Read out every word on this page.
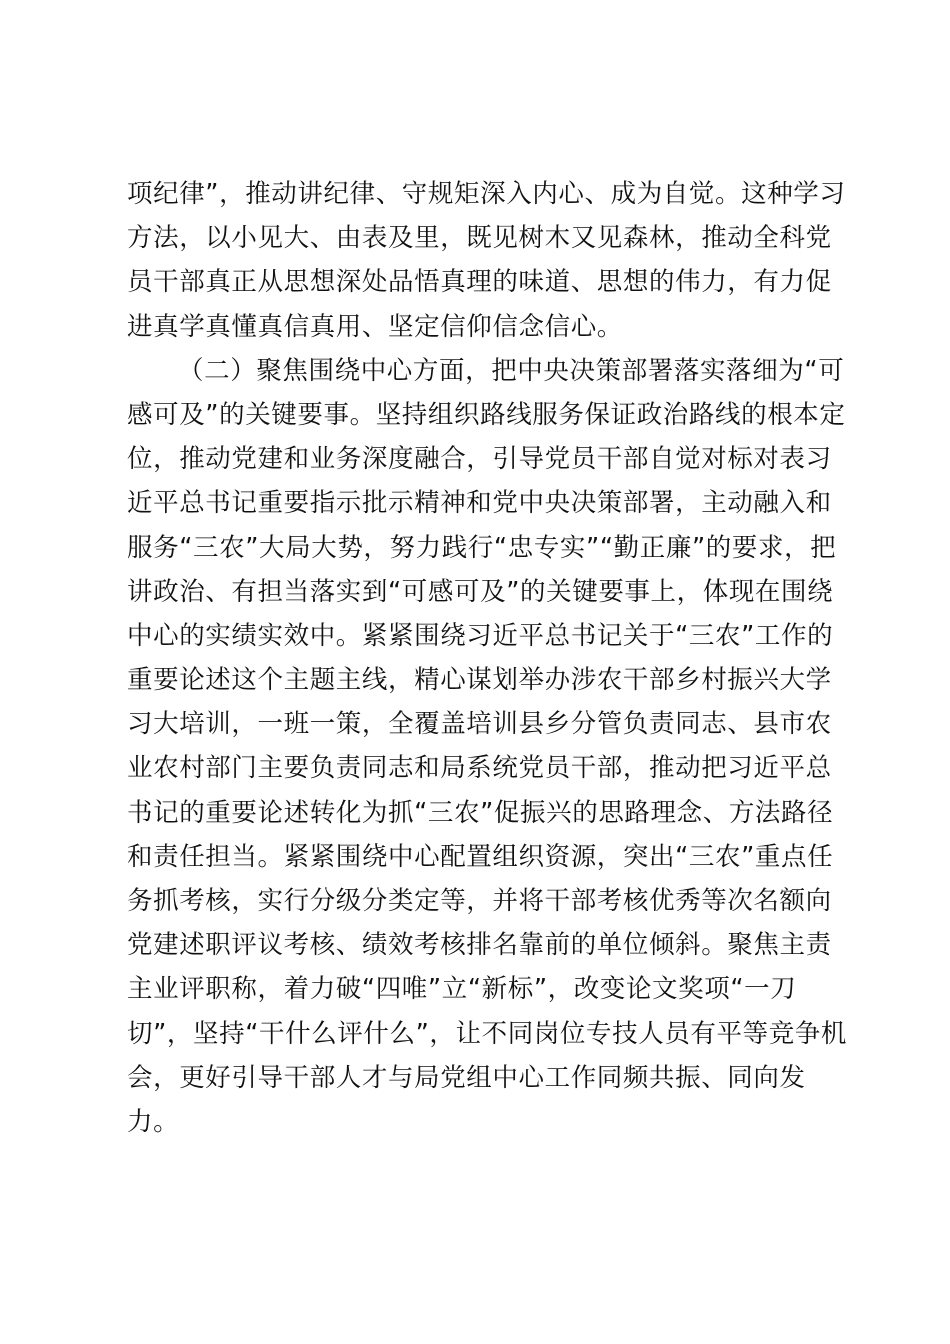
项纪律”，推动讲纪律、守规矩深入内心、成为自觉。这种学习
方法，以小见大、由表及里，既见树木又见森林，推动全科党
员干部真正从思想深处品悟真理的味道、思想的伟力，有力促
进真学真懂真信真用、坚定信仰信念信心。
（二）聚焦围绕中心方面，把中央决策部署落实落细为“可
感可及”的关键要事。坚持组织路线服务保证政治路线的根本定
位，推动党建和业务深度融合，引导党员干部自觉对标对表习
近平总书记重要指示批示精神和党中央决策部署，主动融入和
服务“三农”大局大势，努力践行“忠专实”“勤正廉”的要求，把
讲政治、有担当落实到“可感可及”的关键要事上，体现在围绕
中心的实绩实效中。紧紧围绕习近平总书记关于“三农”工作的
重要论述这个主题主线，精心谋划举办涉农干部乡村振兴大学
习大培训，一班一策，全覆盖培训县乡分管负责同志、县市农
业农村部门主要负责同志和局系统党员干部，推动把习近平总
书记的重要论述转化为抓“三农”促振兴的思路理念、方法路径
和责任担当。紧紧围绕中心配置组织资源，突出“三农”重点任
务抓考核，实行分级分类定等，并将干部考核优秀等次名额向
党建述职评议考核、绩效考核排名靠前的单位倾斜。聚焦主责
主业评职称，着力破“四唯”立“新标”，改变论文奖项“一刀
切”，坚持“干什么评什么”，让不同岗位专技人员有平等竞争机
会，更好引导干部人才与局党组中心工作同频共振、同向发
力。
